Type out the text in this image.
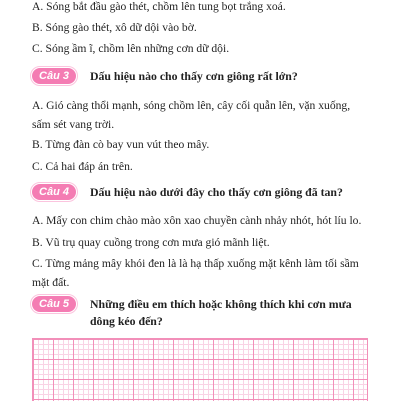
A. Sóng bắt đầu gào thét, chồm lên tung bọt trắng xoá.
B. Sóng gào thét, xô dữ dội vào bờ.
C. Sóng ầm ĩ, chồm lên những cơn dữ dội.
Câu 3	Dấu hiệu nào cho thấy cơn giông rất lớn?
A. Gió càng thổi mạnh, sóng chồm lên, cây cối quẫn lên, vặn xuống, sấm sét vang trời.
B. Từng đàn cò bay vun vút theo mây.
C. Cả hai đáp án trên.
Câu 4	Dấu hiệu nào dưới đây cho thấy cơn giông đã tan?
A. Mấy con chim chào mào xôn xao chuyền cành nhảy nhót, hót líu lo.
B. Vũ trụ quay cuồng trong cơn mưa gió mãnh liệt.
C. Từng mảng mây khói đen là là hạ thấp xuống mặt kênh làm tối sầm mặt đất.
Câu 5	Những điều em thích hoặc không thích khi cơn mưa dông kéo đến?
